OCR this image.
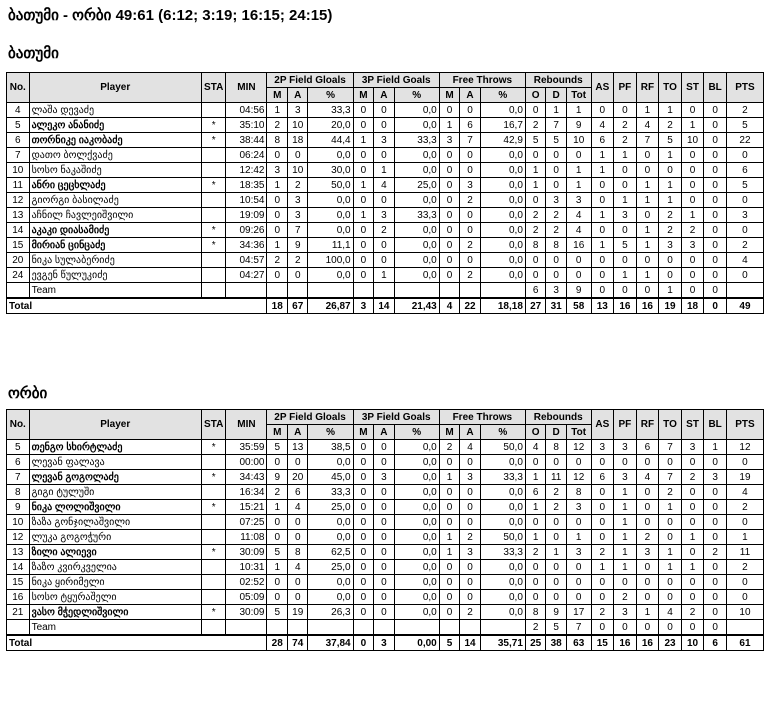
ბათუმი - ორბი 49:61 (6:12; 3:19; 16:15; 24:15)
ბათუმი
No.	Player	STA	MIN	2P Field Gloals			3P Field Goals			Free Throws			Rebounds			AS	PF	RF	TO	ST	BL	PTS
				M	A	%	M	A	%	M	A	%	O	D	Tot							
4	ლაშა დევაძე		04:56	1	3	33,3	0	0	0,0	0	0	0,0	0	1	1	0	0	1	1	0	0	2
5	ალეკო ანანიძე	*	35:10	2	10	20,0	0	0	0,0	1	6	16,7	2	7	9	4	2	4	2	1	0	5
6	თორნიკე იაკობაძე	*	38:44	8	18	44,4	1	3	33,3	3	7	42,9	5	5	10	6	2	7	5	10	0	22
7	დათო ბოლქვაძე		06:24	0	0	0,0	0	0	0,0	0	0	0,0	0	0	0	1	1	0	1	0	0	0
10	სოსო ნაკაშიძე		12:42	3	10	30,0	0	1	0,0	0	0	0,0	1	0	1	1	0	0	0	0	0	6
11	ანრი ცეცხლაძე	*	18:35	1	2	50,0	1	4	25,0	0	3	0,0	1	0	1	0	0	1	1	0	0	5
12	გიორგი ბასილაძე		10:54	0	3	0,0	0	0	0,0	0	2	0,0	0	3	3	0	1	1	1	0	0	0
13	აჩნილ ჩავლეიშვილი		19:09	0	3	0,0	1	3	33,3	0	0	0,0	2	2	4	1	3	0	2	1	0	3
14	აკაკი დიასამიძე	*	09:26	0	7	0,0	0	2	0,0	0	0	0,0	2	2	4	0	0	1	2	2	0	0
15	მირიან ცინცაძე	*	34:36	1	9	11,1	0	0	0,0	0	2	0,0	8	8	16	1	5	1	3	3	0	2
20	ნიკა სულაბერიძე		04:57	2	2	100,0	0	0	0,0	0	0	0,0	0	0	0	0	0	0	0	0	0	4
24	ევგენ წულუკიძე		04:27	0	0	0,0	0	1	0,0	0	2	0,0	0	0	0	0	1	1	0	0	0	0
	Team												6	3	9	0	0	0	1	0	0	
Total				18	67	26,87	3	14	21,43	4	22	18,18	27	31	58	13	16	16	19	18	0	49
ორბი
No.	Player	STA	MIN	2P Field Gloals			3P Field Goals			Free Throws			Rebounds			AS	PF	RF	TO	ST	BL	PTS
				M	A	%	M	A	%	M	A	%	O	D	Tot							
5	თენგო სხირტლაძე	*	35:59	5	13	38,5	0	0	0,0	2	4	50,0	4	8	12	3	3	6	7	3	1	12
6	ლევან ფალავა		00:00	0	0	0,0	0	0	0,0	0	0	0,0	0	0	0	0	0	0	0	0	0	0
7	ლევან გოგოლაძე	*	34:43	9	20	45,0	0	3	0,0	1	3	33,3	1	11	12	6	3	4	7	2	3	19
8	გიგი ტულუში		16:34	2	6	33,3	0	0	0,0	0	0	0,0	6	2	8	0	1	0	2	0	0	4
9	ნიკა ლოლიშვილი	*	15:21	1	4	25,0	0	0	0,0	0	0	0,0	1	2	3	0	1	0	1	0	0	2
10	ზაზა გონჯილაშვილი		07:25	0	0	0,0	0	0	0,0	0	0	0,0	0	0	0	0	1	0	0	0	0	0
12	ლუკა გოგოჭური		11:08	0	0	0,0	0	0	0,0	1	2	50,0	1	0	1	0	1	2	0	1	0	1
13	ზილი ალიევი	*	30:09	5	8	62,5	0	0	0,0	1	3	33,3	2	1	3	2	1	3	1	0	2	11
14	ზაზო კვირკველია		10:31	1	4	25,0	0	0	0,0	0	0	0,0	0	0	0	1	1	0	1	1	0	2
15	ნიკა ყირიმელი		02:52	0	0	0,0	0	0	0,0	0	0	0,0	0	0	0	0	0	0	0	0	0	0
16	სოსო ტყურაშელი		05:09	0	0	0,0	0	0	0,0	0	0	0,0	0	0	0	0	2	0	0	0	0	0
21	ვასო მჭედლიშვილი	*	30:09	5	19	26,3	0	0	0,0	0	2	0,0	8	9	17	2	3	1	4	2	0	10
	Team												2	5	7	0	0	0	0	0	0	
Total				28	74	37,84	0	3	0,00	5	14	35,71	25	38	63	15	16	16	23	10	6	61
